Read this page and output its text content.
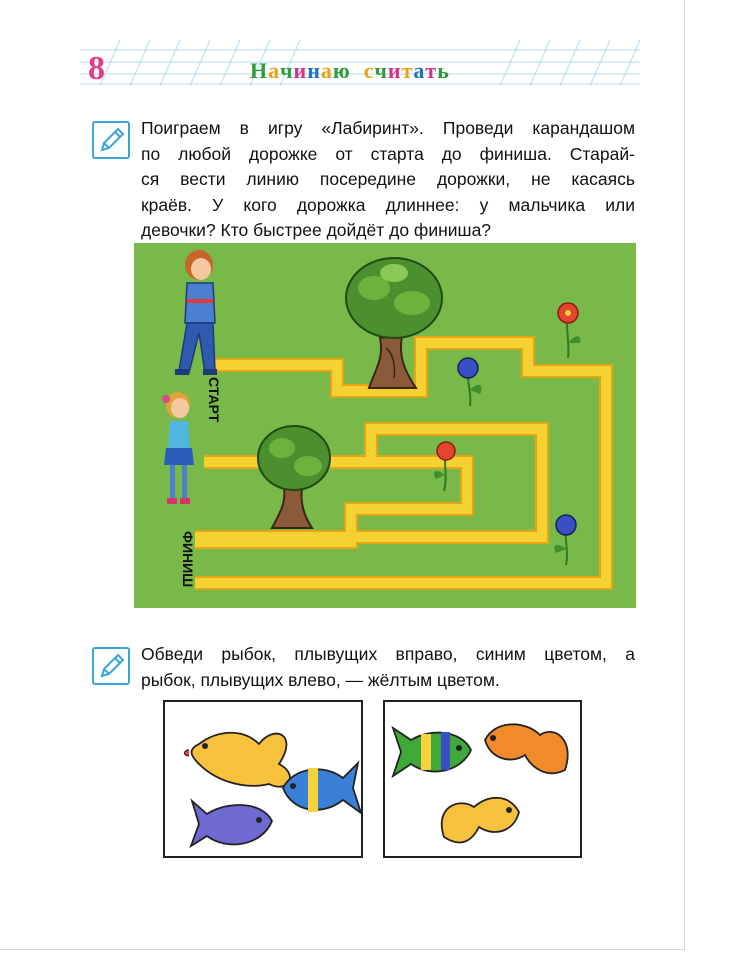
8	Начинаю считать
Поиграем в игру «Лабиринт». Проведи карандашом
по любой дорожке от старта до финиша. Старай-
ся вести линию посередине дорожки, не касаясь
краёв. У кого дорожка длиннее: у мальчика или
девочки? Кто быстрее дойдёт до финиша?
СТАРТ
ФИНИШ
Обведи рыбок, плывущих вправо, синим цветом, а
рыбок, плывущих влево, — жёлтым цветом.
